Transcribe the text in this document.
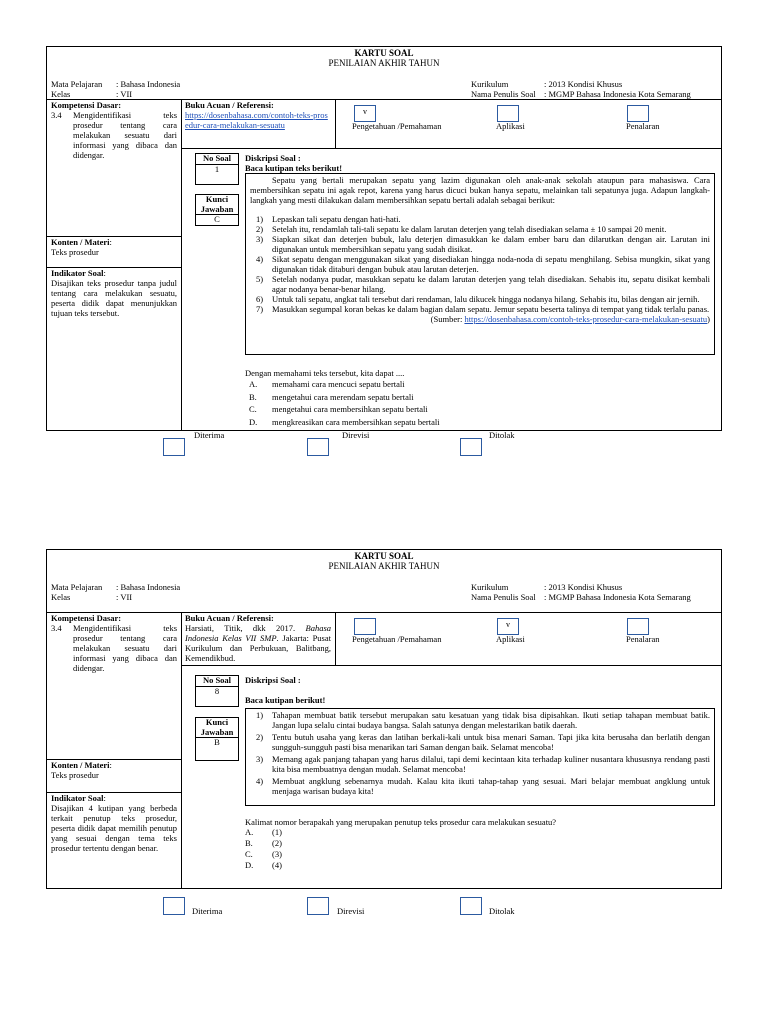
KARTU SOAL
PENILAIAN AKHIR TAHUN
Mata Pelajaran : Bahasa Indonesia
Kelas	: VII
Kurikulum	: 2013 Kondisi Khusus
Nama Penulis Soal : MGMP Bahasa Indonesia Kota Semarang
Kompetensi Dasar:
3.4 Mengidentifikasi teks prosedur tentang cara melakukan sesuatu dari informasi yang dibaca dan didengar.
Konten / Materi:
Teks prosedur
Indikator Soal:
Disajikan teks prosedur tanpa judul tentang cara melakukan sesuatu, peserta didik dapat menunjukkan tujuan teks tersebut.
Buku Acuan / Referensi:
https://dosenbahasa.com/contoh-teks-prosedur-cara-melakukan-sesuatu
v
Pengetahuan /Pemahaman	Aplikasi	Penalaran
No Soal
1
Kunci Jawaban
C
Diskripsi Soal :
Baca kutipan teks berikut!
Sepatu yang bertali merupakan sepatu yang lazim digunakan oleh anak-anak sekolah ataupun para mahasiswa. Cara membersihkan sepatu ini agak repot, karena yang harus dicuci bukan hanya sepatu, melainkan tali sepatunya juga. Adapun langkah-langkah yang mesti dilakukan dalam membersihkan sepatu bertali adalah sebagai berikut:
1) Lepaskan tali sepatu dengan hati-hati.
2) Setelah itu, rendamlah tali-tali sepatu ke dalam larutan deterjen yang telah disediakan selama ± 10 sampai 20 menit.
3) Siapkan sikat dan deterjen bubuk, lalu deterjen dimasukkan ke dalam ember baru dan dilarutkan dengan air. Larutan ini digunakan untuk membersihkan sepatu yang sudah disikat.
4) Sikat sepatu dengan menggunakan sikat yang disediakan hingga noda-noda di sepatu menghilang. Sebisa mungkin, sikat yang digunakan tidak ditaburi dengan bubuk atau larutan deterjen.
5) Setelah nodanya pudar, masukkan sepatu ke dalam larutan deterjen yang telah disediakan. Sehabis itu, sepatu disikat kembali agar nodanya benar-benar hilang.
6) Untuk tali sepatu, angkat tali tersebut dari rendaman, lalu dikucek hingga nodanya hilang. Sehabis itu, bilas dengan air jernih.
7) Masukkan segumpal koran bekas ke dalam bagian dalam sepatu. Jemur sepatu beserta talinya di tempat yang tidak terlalu panas.
(Sumber: https://dosenbahasa.com/contoh-teks-prosedur-cara-melakukan-sesuatu)
Dengan memahami teks tersebut, kita dapat ....
A. memahami cara mencuci sepatu bertali
B. mengetahui cara merendam sepatu bertali
C. mengetahui cara membersihkan sepatu bertali
D. mengkreasikan cara membersihkan sepatu bertali
Diterima	Direvisi	Ditolak
KARTU SOAL
PENILAIAN AKHIR TAHUN
Mata Pelajaran : Bahasa Indonesia
Kelas	: VII
Kurikulum	: 2013 Kondisi Khusus
Nama Penulis Soal : MGMP Bahasa Indonesia Kota Semarang
Kompetensi Dasar:
3.4 Mengidentifikasi teks prosedur tentang cara melakukan sesuatu dari informasi yang dibaca dan didengar.
Konten / Materi:
Teks prosedur
Indikator Soal:
Disajikan 4 kutipan yang berbeda terkait penutup teks prosedur, peserta didik dapat memilih penutup yang sesuai dengan tema teks prosedur tertentu dengan benar.
Buku Acuan / Referensi:
Harsiati, Titik, dkk 2017. Bahasa Indonesia Kelas VII SMP. Jakarta: Pusat Kurikulum dan Perbukuan, Balitbang, Kemendikbud.
Pengetahuan /Pemahaman
v
Aplikasi	Penalaran
No Soal
8
Kunci Jawaban
B
Diskripsi Soal :
Baca kutipan berikut!
1) Tahapan membuat batik tersebut merupakan satu kesatuan yang tidak bisa dipisahkan. Ikuti setiap tahapan membuat batik. Jangan lupa selalu cintai budaya bangsa. Salah satunya dengan melestarikan batik daerah.
2) Tentu butuh usaha yang keras dan latihan berkali-kali untuk bisa menari Saman. Tapi jika kita berusaha dan berlatih dengan sungguh-sungguh pasti bisa menarikan tari Saman dengan baik. Selamat mencoba!
3) Memang agak panjang tahapan yang harus dilalui, tapi demi kecintaan kita terhadap kuliner nusantara khususnya rendang pasti kita bisa membuatnya dengan mudah. Selamat mencoba!
4) Membuat angklung sebenarnya mudah. Kalau kita ikuti tahap-tahap yang sesuai. Mari belajar membuat angklung untuk menjaga warisan budaya kita!
Kalimat nomor berapakah yang merupakan penutup teks prosedur cara melakukan sesuatu?
A. (1)
B. (2)
C. (3)
D. (4)
Diterima	Direvisi	Ditolak
